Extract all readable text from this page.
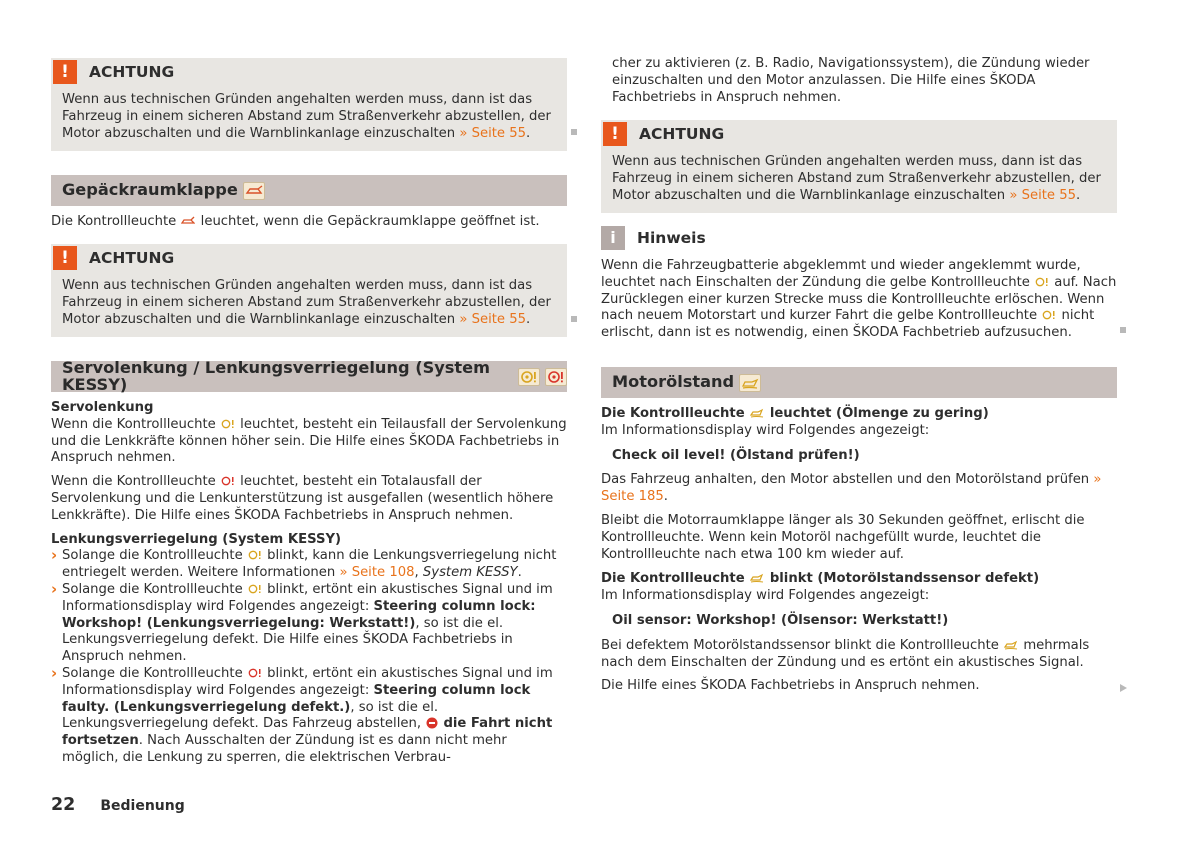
!	ACHTUNG
Wenn aus technischen Gründen angehalten werden muss, dann ist das Fahrzeug in einem sicheren Abstand zum Straßenverkehr abzustellen, der Motor abzuschalten und die Warnblinkanlage einzuschalten » Seite 55.
Gepäckraumklappe
Die Kontrollleuchte  leuchtet, wenn die Gepäckraumklappe geöffnet ist.
!	ACHTUNG
Wenn aus technischen Gründen angehalten werden muss, dann ist das Fahrzeug in einem sicheren Abstand zum Straßenverkehr abzustellen, der Motor abzuschalten und die Warnblinkanlage einzuschalten » Seite 55.
Servolenkung / Lenkungsverriegelung (System KESSY)

Servolenkung

Wenn die Kontrollleuchte  leuchtet, besteht ein Teilausfall der Servolenkung und die Lenkkräfte können höher sein. Die Hilfe eines ŠKODA Fachbetriebs in Anspruch nehmen.

Wenn die Kontrollleuchte  leuchtet, besteht ein Totalausfall der Servolenkung und die Lenkunterstützung ist ausgefallen (wesentlich höhere Lenkkräfte). Die Hilfe eines ŠKODA Fachbetriebs in Anspruch nehmen.

Lenkungsverriegelung (System KESSY)

› Solange die Kontrollleuchte  blinkt, kann die Lenkungsverriegelung nicht entriegelt werden. Weitere Informationen » Seite 108, System KESSY.
› Solange die Kontrollleuchte  blinkt, ertönt ein akustisches Signal und im Informationsdisplay wird Folgendes angezeigt: Steering column lock: Workshop! (Lenkungsverriegelung: Werkstatt!), so ist die el. Lenkungsverriegelung defekt. Die Hilfe eines ŠKODA Fachbetriebs in Anspruch nehmen.
› Solange die Kontrollleuchte  blinkt, ertönt ein akustisches Signal und im Informationsdisplay wird Folgendes angezeigt: Steering column lock faulty. (Lenkungsverriegelung defekt.), so ist die el. Lenkungsverriegelung defekt. Das Fahrzeug abstellen,  die Fahrt nicht fortsetzen. Nach Ausschalten der Zündung ist es dann nicht mehr möglich, die Lenkung zu sperren, die elektrischen Verbrau-

cher zu aktivieren (z. B. Radio, Navigationssystem), die Zündung wieder einzuschalten und den Motor anzulassen. Die Hilfe eines ŠKODA Fachbetriebs in Anspruch nehmen.

!	ACHTUNG
Wenn aus technischen Gründen angehalten werden muss, dann ist das Fahrzeug in einem sicheren Abstand zum Straßenverkehr abzustellen, der Motor abzuschalten und die Warnblinkanlage einzuschalten » Seite 55.
i	Hinweis

Wenn die Fahrzeugbatterie abgeklemmt und wieder angeklemmt wurde, leuchtet nach Einschalten der Zündung die gelbe Kontrollleuchte  auf. Nach Zurücklegen einer kurzen Strecke muss die Kontrollleuchte erlöschen. Wenn nach neuem Motorstart und kurzer Fahrt die gelbe Kontrollleuchte  nicht erlischt, dann ist es notwendig, einen ŠKODA Fachbetrieb aufzusuchen.

Motorölstand

Die Kontrollleuchte  leuchtet (Ölmenge zu gering)

Im Informationsdisplay wird Folgendes angezeigt:

Check oil level! (Ölstand prüfen!)

Das Fahrzeug anhalten, den Motor abstellen und den Motorölstand prüfen » Seite 185.

Bleibt die Motorraumklappe länger als 30 Sekunden geöffnet, erlischt die Kontrollleuchte. Wenn kein Motoröl nachgefüllt wurde, leuchtet die Kontrollleuchte nach etwa 100 km wieder auf.

Die Kontrollleuchte  blinkt (Motorölstandssensor defekt)

Im Informationsdisplay wird Folgendes angezeigt:

Oil sensor: Workshop! (Ölsensor: Werkstatt!)

Bei defektem Motorölstandssensor blinkt die Kontrollleuchte  mehrmals nach dem Einschalten der Zündung und es ertönt ein akustisches Signal.

Die Hilfe eines ŠKODA Fachbetriebs in Anspruch nehmen.

22 Bedienung
